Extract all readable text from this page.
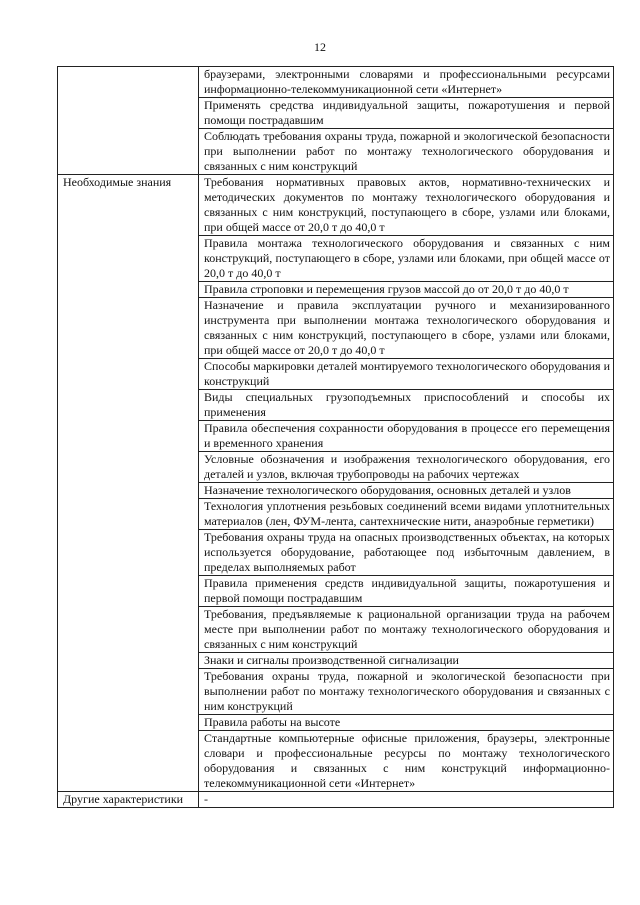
12
	браузерами, электронными словарями и профессиональными ресурсами информационно-телекоммуникационной сети «Интернет»
	Применять средства индивидуальной защиты, пожаротушения и первой помощи пострадавшим
	Соблюдать требования охраны труда, пожарной и экологической безопасности при выполнении работ по монтажу технологического оборудования и связанных с ним конструкций
Необходимые знания	Требования нормативных правовых актов, нормативно-технических и методических документов по монтажу технологического оборудования и связанных с ним конструкций, поступающего в сборе, узлами или блоками, при общей массе от 20,0 т до 40,0 т
	Правила монтажа технологического оборудования и связанных с ним конструкций, поступающего в сборе, узлами или блоками, при общей массе от 20,0 т до 40,0 т
	Правила строповки и перемещения грузов массой до от 20,0 т до 40,0 т
	Назначение и правила эксплуатации ручного и механизированного инструмента при выполнении монтажа технологического оборудования и связанных с ним конструкций, поступающего в сборе, узлами или блоками, при общей массе от 20,0 т до 40,0 т
	Способы маркировки деталей монтируемого технологического оборудования и конструкций
	Виды специальных грузоподъемных приспособлений и способы их применения
	Правила обеспечения сохранности оборудования в процессе его перемещения и временного хранения
	Условные обозначения и изображения технологического оборудования, его деталей и узлов, включая трубопроводы на рабочих чертежах
	Назначение технологического оборудования, основных деталей и узлов
	Технология уплотнения резьбовых соединений всеми видами уплотнительных материалов (лен, ФУМ-лента, сантехнические нити, анаэробные герметики)
	Требования охраны труда на опасных производственных объектах, на которых используется оборудование, работающее под избыточным давлением, в пределах выполняемых работ
	Правила применения средств индивидуальной защиты, пожаротушения и первой помощи пострадавшим
	Требования, предъявляемые к рациональной организации труда на рабочем месте при выполнении работ по монтажу технологического оборудования и связанных с ним конструкций
	Знаки и сигналы производственной сигнализации
	Требования охраны труда, пожарной и экологической безопасности при выполнении работ по монтажу технологического оборудования и связанных с ним конструкций
	Правила работы на высоте
	Стандартные компьютерные офисные приложения, браузеры, электронные словари и профессиональные ресурсы по монтажу технологического оборудования и связанных с ним конструкций информационно-телекоммуникационной сети «Интернет»
Другие характеристики	-
